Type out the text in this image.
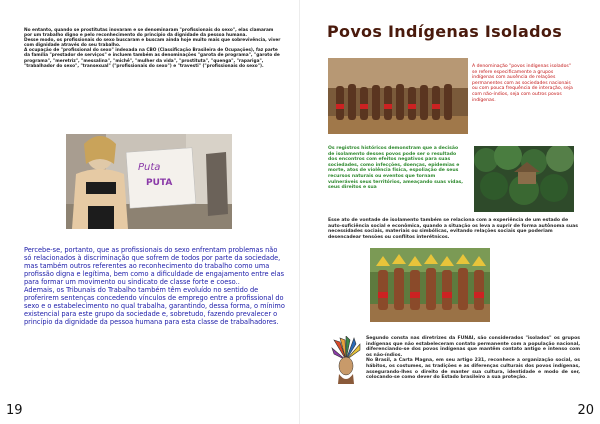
No entanto, quando se prostitutas inovaram e se denominaram "profissionais do sexo", elas clamaram por um trabalho digno e pelo reconhecimento do princípio da dignidade da pessoa humana.
Desse modo, os profissionais do sexo buscaram e buscam ainda hoje muito mais que sobrevivência, viver com dignidade através do seu trabalho.
A ocupação de "profissional do sexo" indexada na CBO (Classificação Brasileira de Ocupações), faz parte da família "prestador de serviços" e incluem também as denominações "garota de programa", "garoto de programa", "meretriz", "messalina", "michê", "mulher da vida", "prostituta", "quenga", "rapariga", "trabalhador do sexo", "transexual" ("profissionais do sexo") e "travesti" ("profissionais do sexo").

Puta
PUTA

Percebe-se, portanto, que as profissionais do sexo enfrentam problemas não só relacionados à discriminação que sofrem de todos por parte da sociedade, mas também outros referentes ao reconhecimento do trabalho como uma profissão digna e legítima, bem como a dificuldade de engajamento entre elas para formar um movimento ou sindicato de classe forte e coeso..
Ademais, os Tribunais do Trabalho também têm evoluído no sentido de proferirem sentenças concedendo vínculos de emprego entre a profissional do sexo e o estabelecimento no qual trabalha, garantindo, dessa forma, o mínimo existencial para este grupo da sociedade e, sobretudo, fazendo prevalecer o princípio da dignidade da pessoa humana para esta classe de trabalhadores.

19	20
Povos Indígenas Isolados

A denominação "povos indígenas isolados" se refere especificamente a grupos indígenas com ausência de relações permanentes com as sociedades nacionais ou com pouca frequência de interação, seja com não-índios, seja com outros povos indígenas.

Os registros históricos demonstram que a decisão de isolamento desses povos pode ser o resultado dos encontros com efeitos negativos para suas sociedades, como infecções, doenças, epidemias e morte, atos de violência física, espoliação de seus recursos naturais ou eventos que tornam vulneráveis seus territórios, ameaçando suas vidas, seus direitos e sua

Esse ato de vontade de isolamento também se relaciona com a experiência de um estado de auto-suficiência social e econômica, quando a situação os leva a suprir de forma autônoma suas necessidades sociais, materiais ou simbólicas, evitando relações sociais que poderiam desencadear tensões ou conflitos interétnicos.

Segundo consta nas diretrizes da FUNAI, são considerados "isolados" os grupos indígenas que não estabeleceram contato permanente com a população nacional, diferenciando-se dos povos indígenas que mantêm contato antigo e intenso com os não-índios.
No Brasil, a Carta Magna, em seu artigo 231, reconhece a organização social, os hábitos, os costumes, as tradições e as diferenças culturais dos povos indígenas, assegurando-lhes o direito de manter sua cultura, identidade e modo de ser, colocando-se como dever do Estado brasileiro a sua proteção.
